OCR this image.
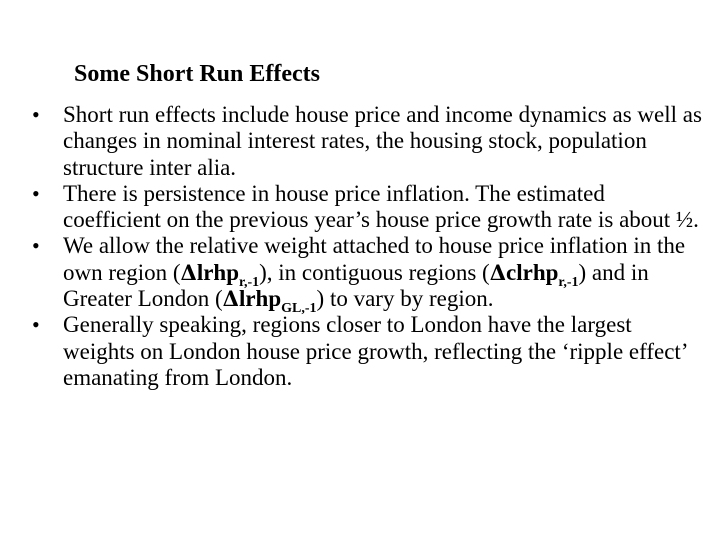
Some Short Run Effects
•	Short run effects include house price and income dynamics as well as changes in nominal interest rates, the housing stock, population structure inter alia.
•	There is persistence in house price inflation. The estimated coefficient on the previous year’s house price growth rate is about ½.
•	We allow the relative weight attached to house price inflation in the own region (Δlrhp$_{r,-1}$), in contiguous regions (Δclrhp$_{r,-1}$) and in Greater London (Δlrhp$_{GL,-1}$) to vary by region.
•	Generally speaking, regions closer to London have the largest weights on London house price growth, reflecting the ‘ripple effect’ emanating from London.
